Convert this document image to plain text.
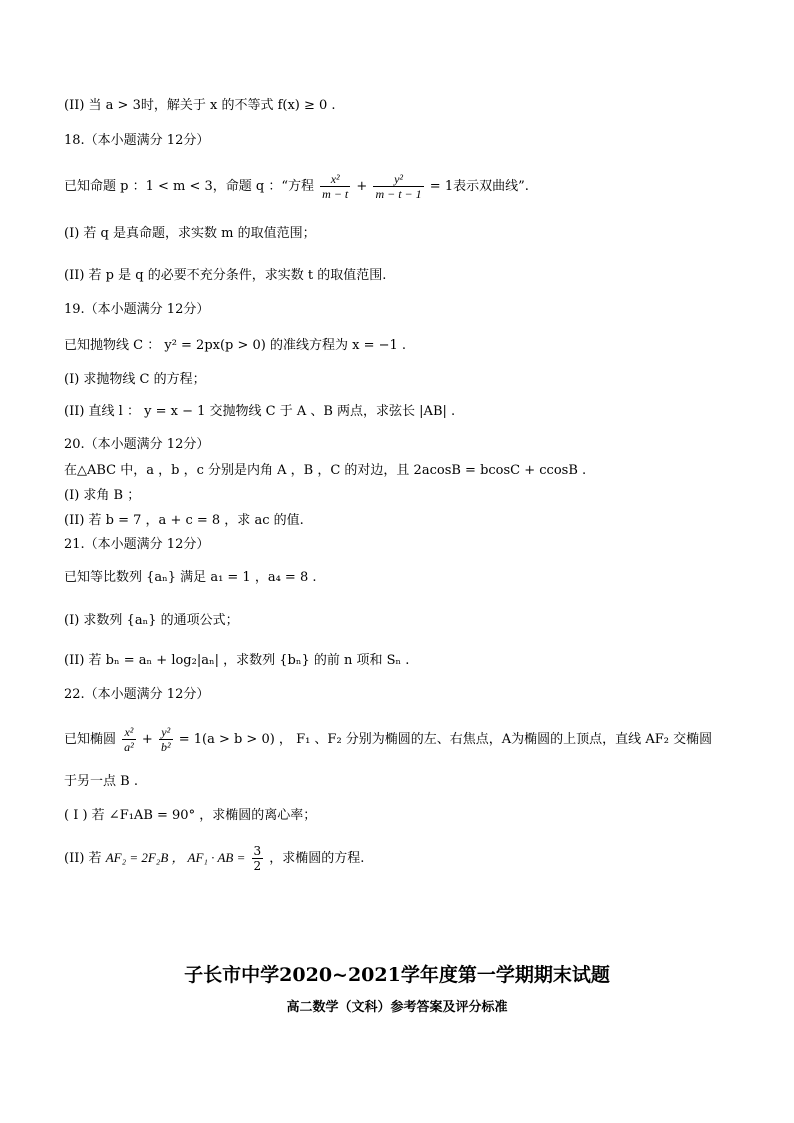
(II) 当 a > 3时，解关于 x 的不等式 f(x) ≥ 0 .
18.（本小题满分 12分）
已知命题 p ：1 < m < 3，命题 q ：“方程 $\frac{\text{x²}}{m - t} + \frac{\text{y²}}{m - t - 1} = 1$表示双曲线”.
(I) 若 q 是真命题，求实数 m 的取值范围；
(II) 若 p 是 q 的必要不充分条件，求实数 t 的取值范围.
19.（本小题满分 12分）
已知抛物线 C ： y² = 2px(p > 0) 的准线方程为 x = −1 .
(I) 求抛物线 C 的方程；
(II) 直线 l ： y = x − 1 交抛物线 C 于 A 、B 两点，求弦长 |AB| .
20.（本小题满分 12分）
在△ABC 中，a ，b ，c 分别是内角 A ，B ，C 的对边，且 2acosB = bcosC + ccosB .
(I) 求角 B ；
(II) 若 b = 7 ，a + c = 8 ，求 ac 的值.
21.（本小题满分 12分）
已知等比数列 {aₙ} 满足 a₁ = 1 ，a₄ = 8 .
(I) 求数列 {aₙ} 的通项公式；
(II) 若 bₙ = aₙ + log₂|aₙ| ，求数列 {bₙ} 的前 n 项和 Sₙ .
22.（本小题满分 12分）
已知椭圆 $\frac{\text{x²}}{\text{a²}} + \frac{\text{y²}}{\text{b²}} = 1(a > b > 0)$ ， F₁ 、F₂ 分别为椭圆的左、右焦点，A为椭圆的上顶点，直线 AF₂ 交椭圆
于另一点 B .
( I ) 若 ∠F₁AB = 90° ，求椭圆的离心率；
(II) 若 AF₂ = 2F₂B ， AF₁ · AB = $\frac{3}{2}$ ，求椭圆的方程.
子长市中学2020~2021学年度第一学期期末试题
高二数学（文科）参考答案及评分标准
